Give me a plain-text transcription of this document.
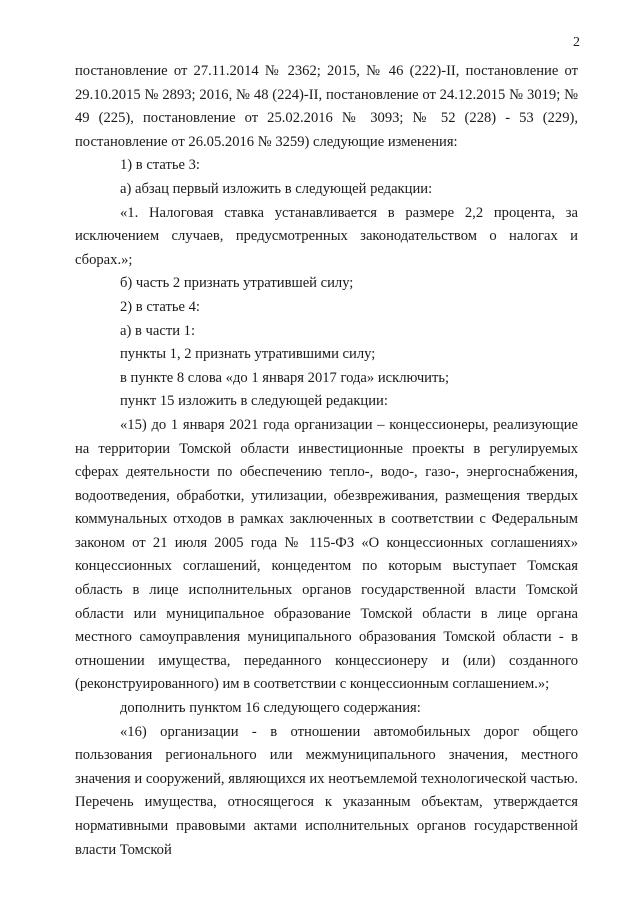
2

постановление от 27.11.2014 № 2362; 2015, № 46 (222)-II, постановление от 29.10.2015 № 2893; 2016, № 48 (224)-II, постановление от 24.12.2015 № 3019; № 49 (225), постановление от 25.02.2016 № 3093; № 52 (228) - 53 (229), постановление от 26.05.2016 № 3259) следующие изменения:

1) в статье 3:

а) абзац первый изложить в следующей редакции:

«1. Налоговая ставка устанавливается в размере 2,2 процента, за исключением случаев, предусмотренных законодательством о налогах и сборах.»;

б) часть 2 признать утратившей силу;

2) в статье 4:

а) в части 1:

пункты 1, 2 признать утратившими силу;

в пункте 8 слова «до 1 января 2017 года» исключить;

пункт 15 изложить в следующей редакции:

«15) до 1 января 2021 года организации – концессионеры, реализующие на территории Томской области инвестиционные проекты в регулируемых сферах деятельности по обеспечению тепло-, водо-, газо-, энергоснабжения, водоотведения, обработки, утилизации, обезвреживания, размещения твердых коммунальных отходов в рамках заключенных в соответствии с Федеральным законом от 21 июля 2005 года № 115-ФЗ «О концессионных соглашениях» концессионных соглашений, концедентом по которым выступает Томская область в лице исполнительных органов государственной власти Томской области или муниципальное образование Томской области в лице органа местного самоуправления муниципального образования Томской области - в отношении имущества, переданного концессионеру и (или) созданного (реконструированного) им в соответствии с концессионным соглашением.»;

дополнить пунктом 16 следующего содержания:

«16) организации - в отношении автомобильных дорог общего пользования регионального или межмуниципального значения, местного значения и сооружений, являющихся их неотъемлемой технологической частью. Перечень имущества, относящегося к указанным объектам, утверждается нормативными правовыми актами исполнительных органов государственной власти Томской
